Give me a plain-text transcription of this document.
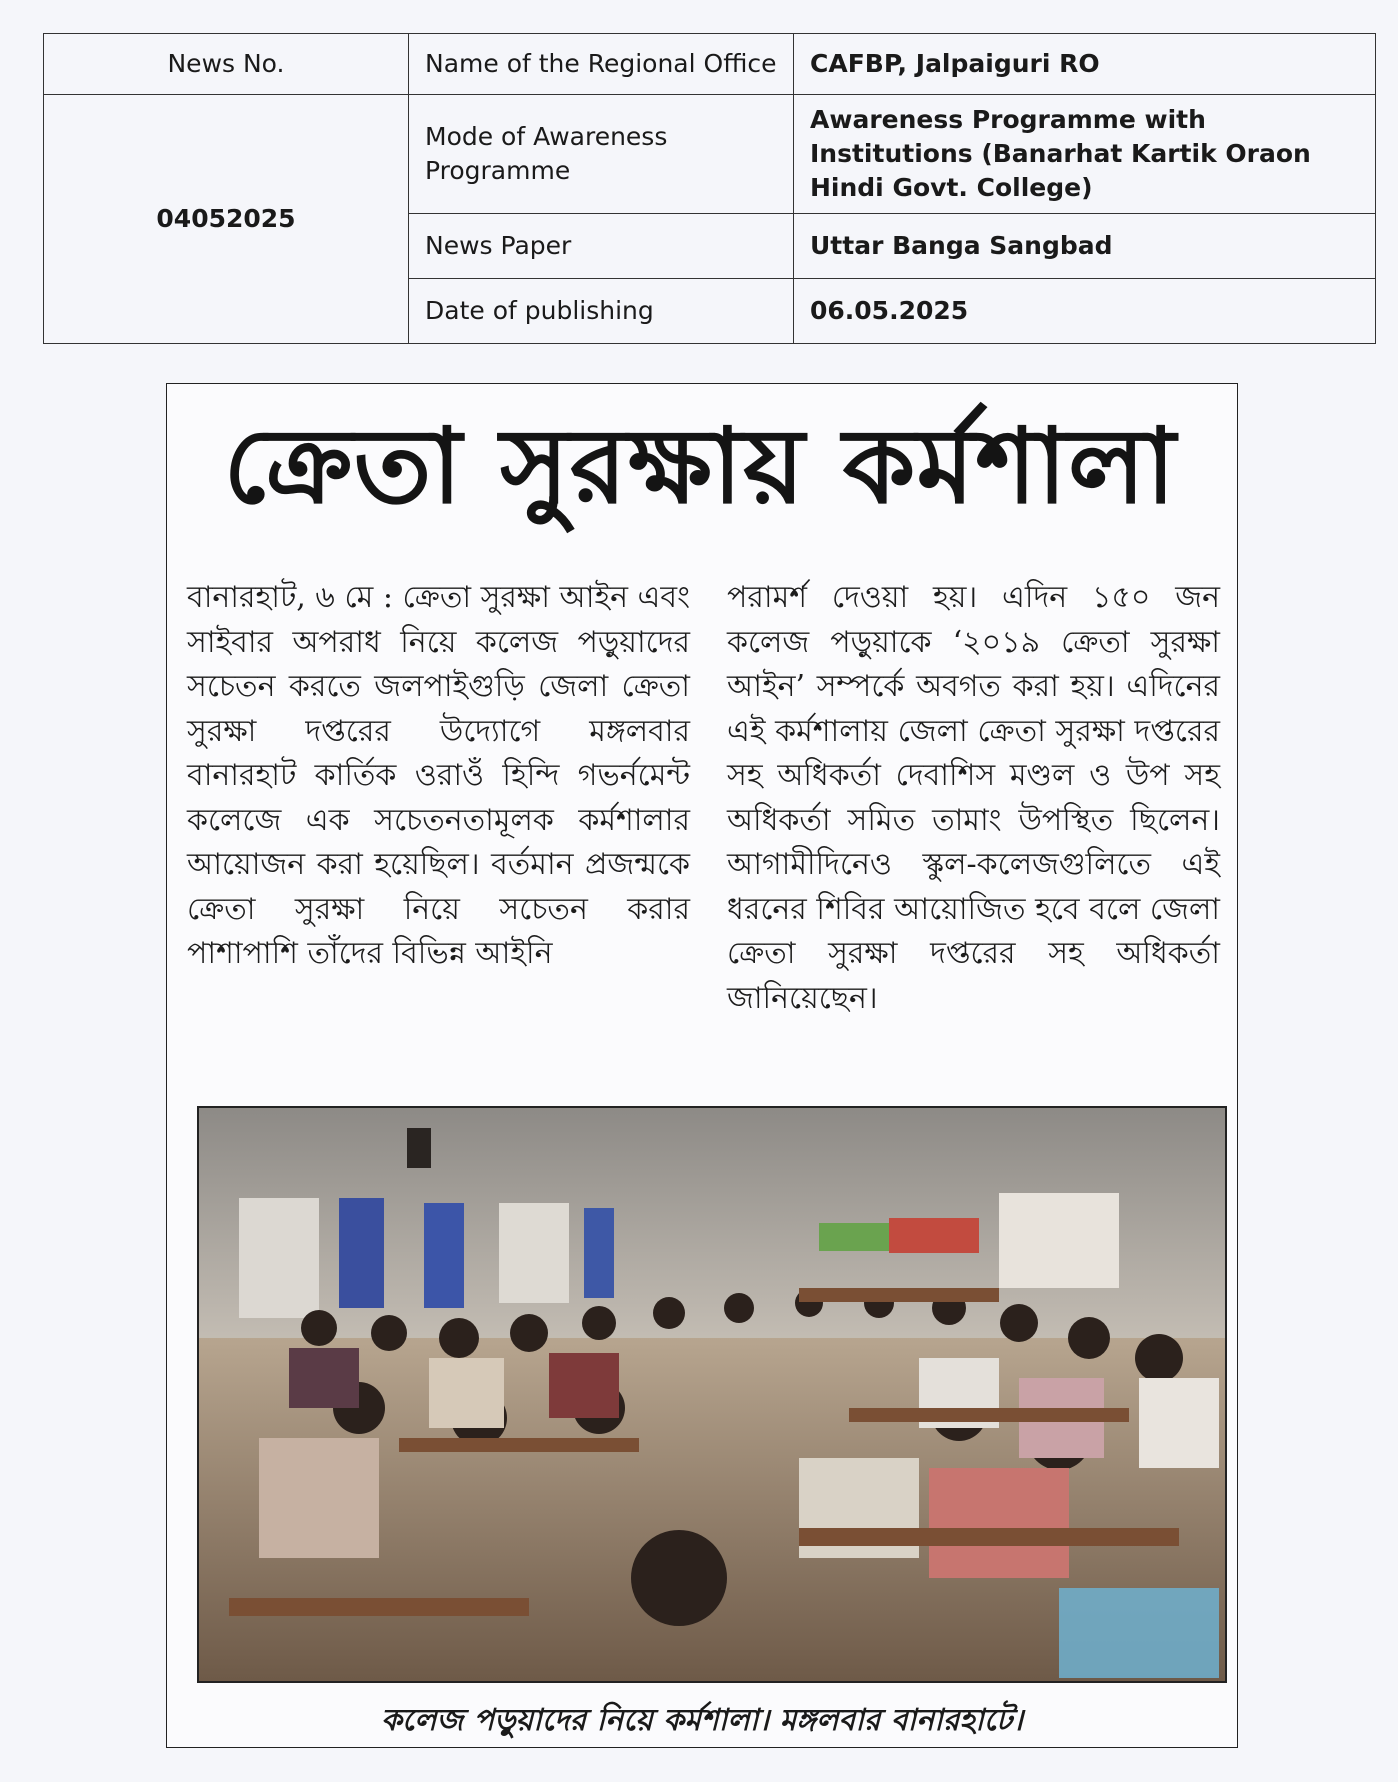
News No.	Name of the Regional Office	CAFBP, Jalpaiguri RO
04052025	Mode of Awareness Programme	Awareness Programme with Institutions (Banarhat Kartik Oraon Hindi Govt. College)
	News Paper	Uttar Banga Sangbad
	Date of publishing	06.05.2025
ক্রেতা সুরক্ষায় কর্মশালা
বানারহাট, ৬ মে : ক্রেতা সুরক্ষা আইন এবং সাইবার অপরাধ নিয়ে কলেজ পড়ুয়াদের সচেতন করতে জলপাইগুড়ি জেলা ক্রেতা সুরক্ষা দপ্তরের উদ্যোগে মঙ্গলবার বানারহাট কার্তিক ওরাওঁ হিন্দি গভর্নমেন্ট কলেজে এক সচেতনতামূলক কর্মশালার আয়োজন করা হয়েছিল। বর্তমান প্রজন্মকে ক্রেতা সুরক্ষা নিয়ে সচেতন করার পাশাপাশি তাঁদের বিভিন্ন আইনি
পরামর্শ দেওয়া হয়। এদিন ১৫০ জন কলেজ পড়ুয়াকে ‘২০১৯ ক্রেতা সুরক্ষা আইন’ সম্পর্কে অবগত করা হয়। এদিনের এই কর্মশালায় জেলা ক্রেতা সুরক্ষা দপ্তরের সহ অধিকর্তা দেবাশিস মণ্ডল ও উপ সহ অধিকর্তা সমিত তামাং উপস্থিত ছিলেন। আগামীদিনেও স্কুল-কলেজগুলিতে এই ধরনের শিবির আয়োজিত হবে বলে জেলা ক্রেতা সুরক্ষা দপ্তরের সহ অধিকর্তা জানিয়েছেন।
কলেজ পড়ুয়াদের নিয়ে কর্মশালা। মঙ্গলবার বানারহাটে।
